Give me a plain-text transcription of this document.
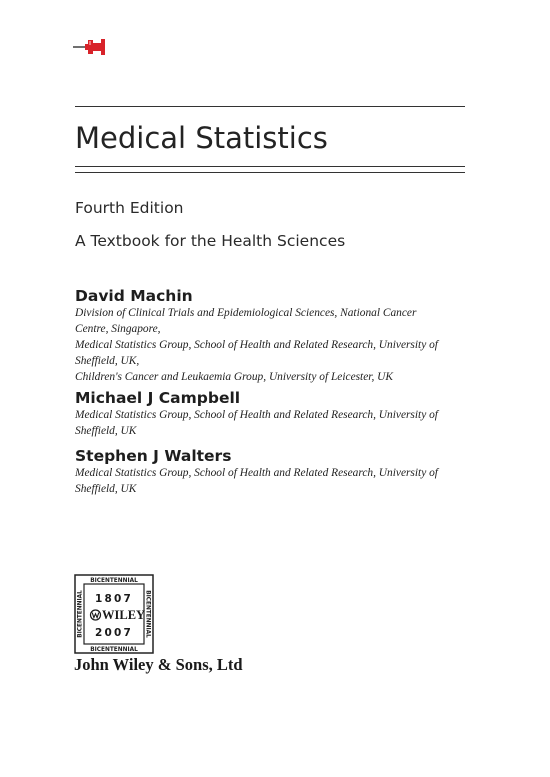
Medical Statistics

Fourth Edition

A Textbook for the Health Sciences

David Machin

Division of Clinical Trials and Epidemiological Sciences, National Cancer
Centre, Singapore,
Medical Statistics Group, School of Health and Related Research, University of
Sheffield, UK,
Children's Cancer and Leukaemia Group, University of Leicester, UK

Michael J Campbell

Medical Statistics Group, School of Health and Related Research, University of
Sheffield, UK

Stephen J Walters

Medical Statistics Group, School of Health and Related Research, University of
Sheffield, UK
BICENTENNIAL
BICENTENNIAL
BICENTENNIAL	BICENTENNIAL
1807
WILEY
2007

John Wiley & Sons, Ltd
